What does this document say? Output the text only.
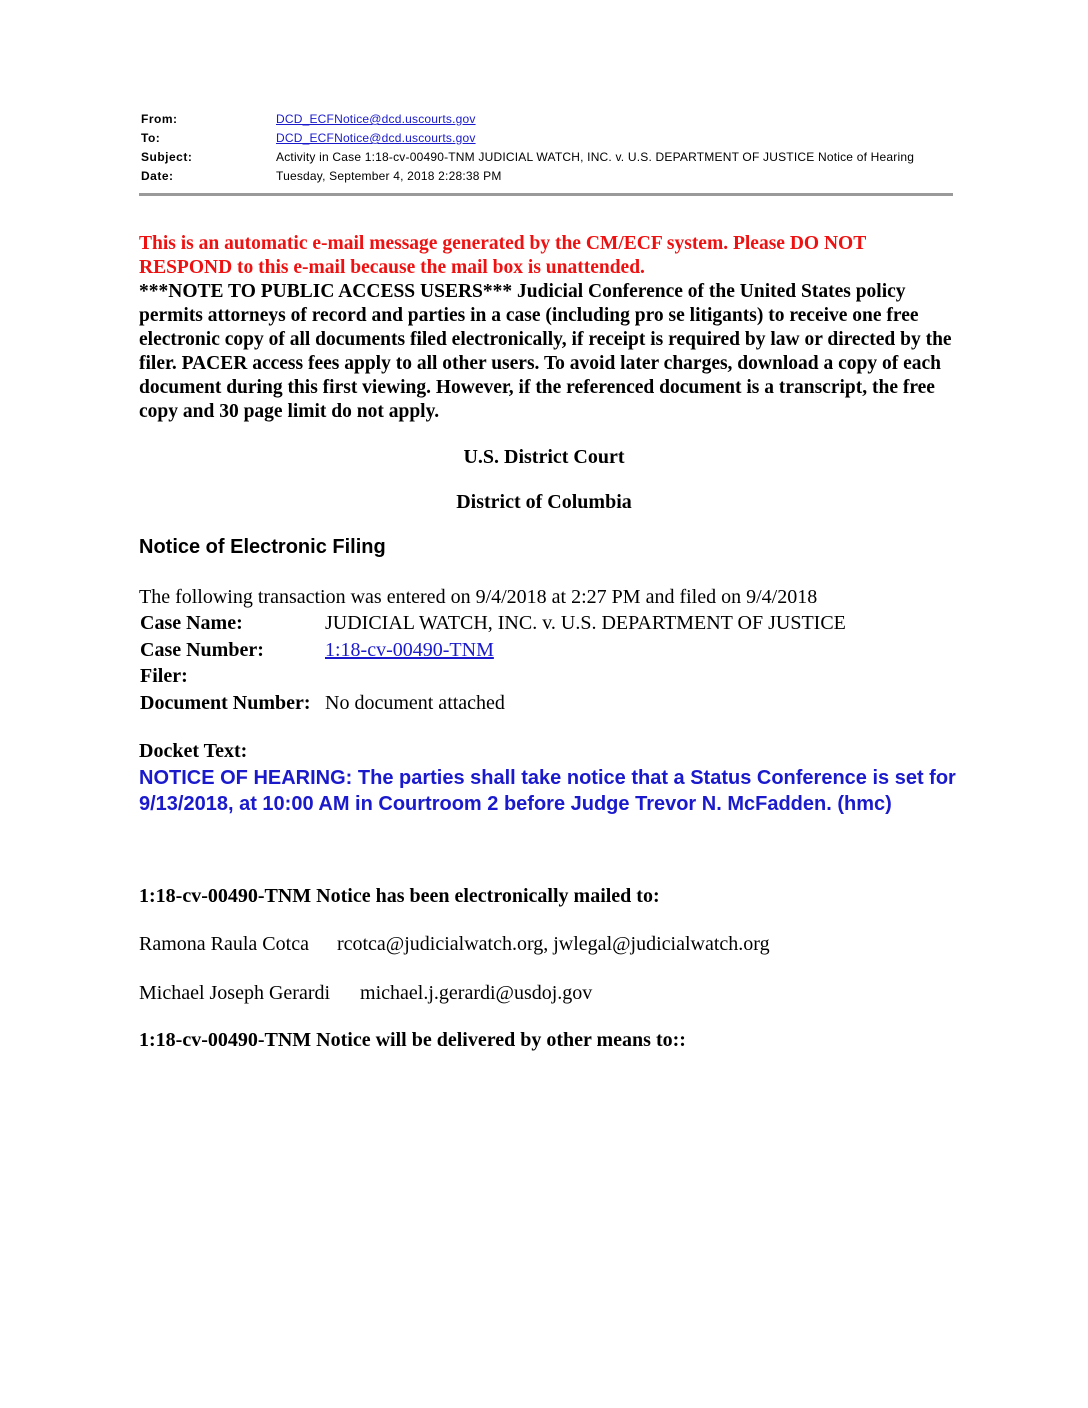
From:	DCD_ECFNotice@dcd.uscourts.gov
To:	DCD_ECFNotice@dcd.uscourts.gov
Subject:	Activity in Case 1:18-cv-00490-TNM JUDICIAL WATCH, INC. v. U.S. DEPARTMENT OF JUSTICE Notice of Hearing
Date:	Tuesday, September 4, 2018 2:28:38 PM
This is an automatic e-mail message generated by the CM/ECF system. Please DO NOT RESPOND to this e-mail because the mail box is unattended.

***NOTE TO PUBLIC ACCESS USERS*** Judicial Conference of the United States policy permits attorneys of record and parties in a case (including pro se litigants) to receive one free electronic copy of all documents filed electronically, if receipt is required by law or directed by the filer. PACER access fees apply to all other users. To avoid later charges, download a copy of each document during this first viewing. However, if the referenced document is a transcript, the free copy and 30 page limit do not apply.

U.S. District Court
District of Columbia
Notice of Electronic Filing
The following transaction was entered on 9/4/2018 at 2:27 PM and filed on 9/4/2018
Case Name:	JUDICIAL WATCH, INC. v. U.S. DEPARTMENT OF JUSTICE
Case Number:	1:18-cv-00490-TNM
Filer:
Document Number: No document attached
Docket Text:
NOTICE OF HEARING: The parties shall take notice that a Status Conference is set for 9/13/2018, at 10:00 AM in Courtroom 2 before Judge Trevor N. McFadden. (hmc)
1:18-cv-00490-TNM Notice has been electronically mailed to:
Ramona Raula Cotca rcotca@judicialwatch.org, jwlegal@judicialwatch.org
Michael Joseph Gerardi michael.j.gerardi@usdoj.gov
1:18-cv-00490-TNM Notice will be delivered by other means to::
